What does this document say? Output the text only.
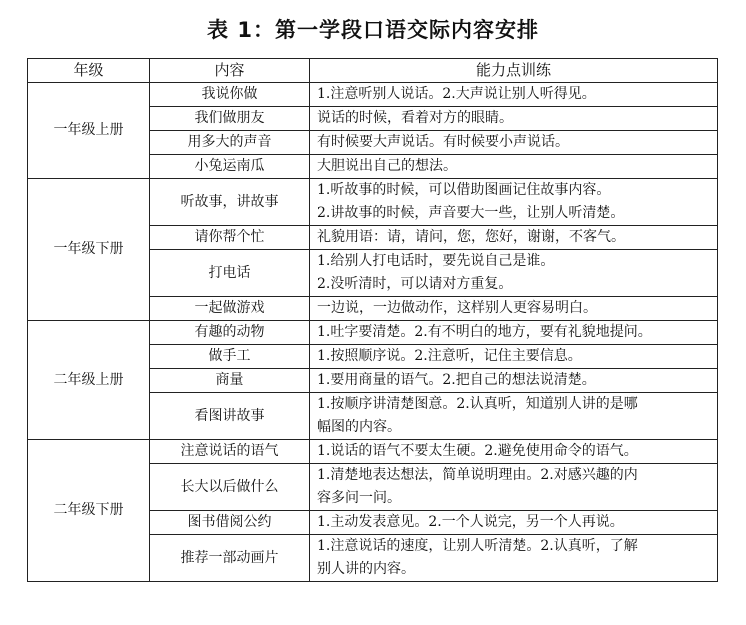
表 1：第一学段口语交际内容安排
年级	内容	能力点训练
一年级上册	我说你做	1.注意听别人说话。2.大声说让别人听得见。

	我们做朋友	说话的时候，看着对方的眼睛。

	用多大的声音	有时候要大声说话。有时候要小声说话。

	小兔运南瓜	大胆说出自己的想法。

一年级下册	听故事，讲故事	1.听故事的时候，可以借助图画记住故事内容。
2.讲故事的时候，声音要大一些，让别人听清楚。

	请你帮个忙	礼貌用语：请，请问，您，您好，谢谢，不客气。

	打电话	1.给别人打电话时，要先说自己是谁。
2.没听清时，可以请对方重复。

	一起做游戏	一边说，一边做动作，这样别人更容易明白。

二年级上册	有趣的动物	1.吐字要清楚。2.有不明白的地方，要有礼貌地提问。

	做手工	1.按照顺序说。2.注意听，记住主要信息。

	商量	1.要用商量的语气。2.把自己的想法说清楚。

	看图讲故事	1.按顺序讲清楚图意。2.认真听，知道别人讲的是哪
幅图的内容。

二年级下册	注意说话的语气	1.说话的语气不要太生硬。2.避免使用命令的语气。

	长大以后做什么	1.清楚地表达想法，简单说明理由。2.对感兴趣的内
容多问一问。

	图书借阅公约	1.主动发表意见。2.一个人说完，另一个人再说。

	推荐一部动画片	1.注意说话的速度，让别人听清楚。2.认真听，了解
别人讲的内容。
